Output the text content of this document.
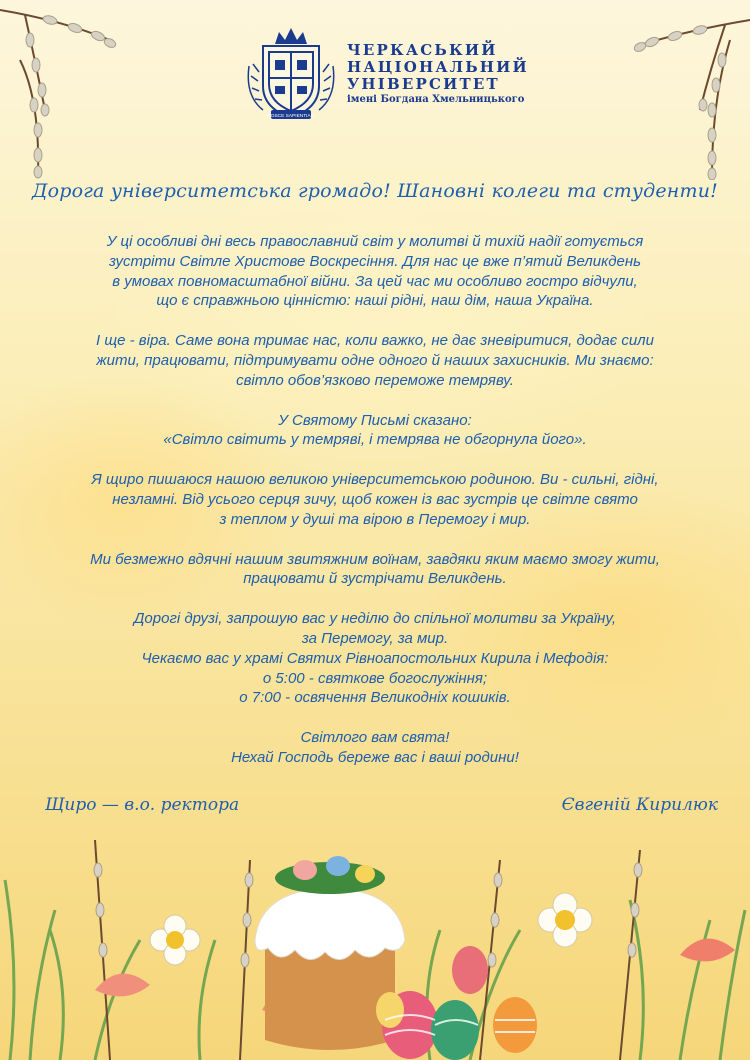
NOSCE SAPIENTIAM
ЧЕРКАСЬКИЙ
НАЦІОНАЛЬНИЙ
УНІВЕРСИТЕТ
імені Богдана Хмельницького
Дорога університетська громадо! Шановні колеги та студенти!

У ці особливі дні весь православний світ у молитві й тихій надії готується
зустріти Світле Христове Воскресіння. Для нас це вже п’ятий Великдень
в умовах повномасштабної війни. За цей час ми особливо гостро відчули,
що є справжньою цінністю: наші рідні, наш дім, наша Україна.

І ще - віра. Саме вона тримає нас, коли важко, не дає зневіритися, додає сили
жити, працювати, підтримувати одне одного й наших захисників. Ми знаємо:
світло обов’язково переможе темряву.

У Святому Письмі сказано:
«Світло світить у темряві, і темрява не обгорнула його».

Я щиро пишаюся нашою великою університетською родиною. Ви - сильні, гідні,
незламні. Від усього серця зичу, щоб кожен із вас зустрів це світле свято
з теплом у душі та вірою в Перемогу і мир.

Ми безмежно вдячні нашим звитяжним воїнам, завдяки яким маємо змогу жити,
працювати й зустрічати Великдень.

Дорогі друзі, запрошую вас у неділю до спільної молитви за Україну,
за Перемогу, за мир.
Чекаємо вас у храмі Святих Рівноапостольних Кирила і Мефодія:
о 5:00 - святкове богослужіння;
о 7:00 - освячення Великодніх кошиків.

Світлого вам свята!
Нехай Господь береже вас і ваші родини!

Щиро — в.о. ректора	Євгеній Кирилюк
